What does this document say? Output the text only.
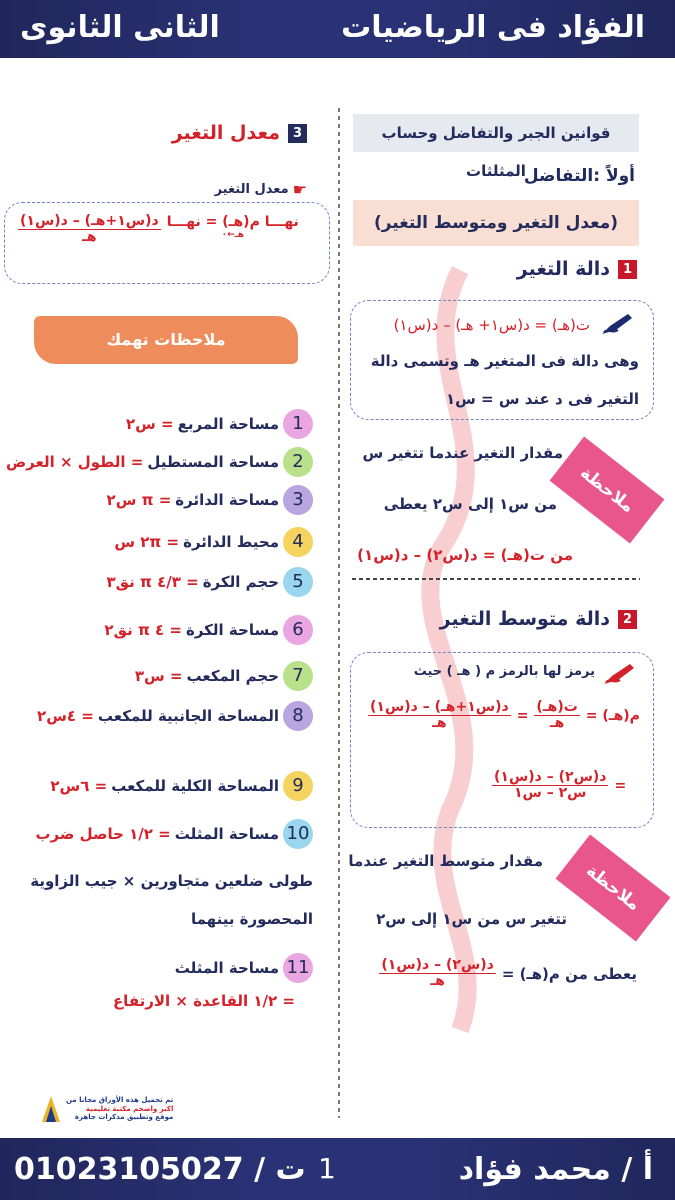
الفؤاد فى الرياضيات
الثانى الثانوى
قوانين الجبر والتفاضل وحساب المثلثات
أولاً :التفاضل
(معدل التغير ومتوسط التغير)
1
دالة التغير
ت(هـ) = د(س١+ هـ) – د(س١)
وهى دالة فى المتغير هـ وتسمى دالة
التغير فى د عند س = س١
ملاحظة
مقدار التغير عندما تتغير س
من س١ إلى س٢ يعطى
من ت(هـ) = د(س٢) – د(س١)
2
دالة متوسط التغير
يرمز لها بالرمز م ( هـ ) حيث
م(هـ) =
$\frac{\text{ت(هـ)}}{\text{هـ}}$
=
$\frac{\text{د(س١+هـ) – د(س١)}}{\text{هـ}}$
=
$\frac{\text{د(س٢) – د(س١)}}{\text{س٢ – س١}}$
ملاحظة
مقدار متوسط التغير عندما
تتغير س من س١ إلى س٢
يعطى من م(هـ) =
$\frac{\text{د(س٢) – د(س١)}}{\text{هـ}}$
3
معدل التغير
☛
معدل التغير
نهـــا م(هـ) = نهـــا
هـ←٠
$\frac{\text{د(س١+هـ) – د(س١)}}{\text{هـ}}$
ملاحظات تهمك
1
مساحة المربع
= س٢
2
مساحة المستطيل
= الطول × العرض
3
مساحة الدائرة
= π س٢
4
محيط الدائرة
= ٢π س
5
حجم الكرة
= ٤/٣ π نق٣
6
مساحة الكرة
= ٤ π نق٢
7
حجم المكعب
= س٣
8
المساحة الجانبية للمكعب
= ٤س٢
9
المساحة الكلية للمكعب
= ٦س٢
10
مساحة المثلث
= ١/٢ حاصل ضرب
11
مساحة المثلث
طولى ضلعين متجاورين × جيب الزاوية
المحصورة بينهما
= ١/٢ القاعدة × الارتفاع
تم تحميل هذه الأوراق مجانا من
اكبر واضخم مكتبة تعليمية
موقع وتطبيق مذكرات جاهزة
أ / محمد فؤاد
1
ت / 01023105027
